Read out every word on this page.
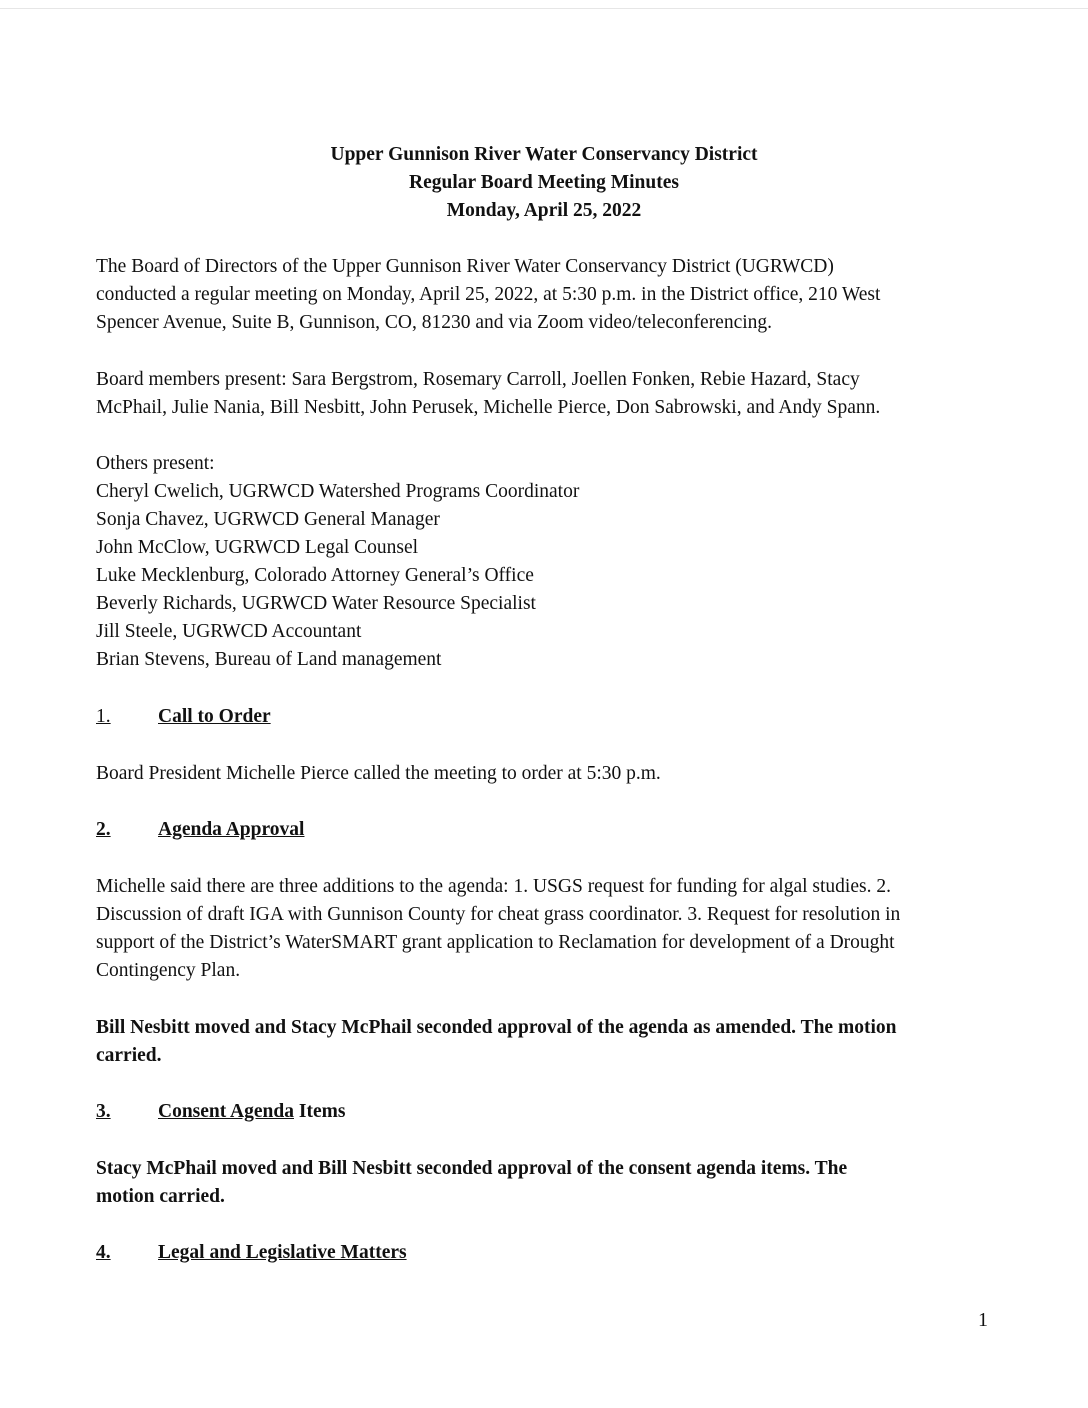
Upper Gunnison River Water Conservancy District
Regular Board Meeting Minutes
Monday, April 25, 2022

The Board of Directors of the Upper Gunnison River Water Conservancy District (UGRWCD)

conducted a regular meeting on Monday, April 25, 2022, at 5:30 p.m. in the District office, 210 West

Spencer Avenue, Suite B, Gunnison, CO, 81230 and via Zoom video/teleconferencing.

Board members present: Sara Bergstrom, Rosemary Carroll, Joellen Fonken, Rebie Hazard, Stacy

McPhail, Julie Nania, Bill Nesbitt, John Perusek, Michelle Pierce, Don Sabrowski, and Andy Spann.

Others present:

Cheryl Cwelich, UGRWCD Watershed Programs Coordinator

Sonja Chavez, UGRWCD General Manager

John McClow, UGRWCD Legal Counsel

Luke Mecklenburg, Colorado Attorney General’s Office

Beverly Richards, UGRWCD Water Resource Specialist

Jill Steele, UGRWCD Accountant

Brian Stevens, Bureau of Land management

1. Call to Order

Board President Michelle Pierce called the meeting to order at 5:30 p.m.

2. Agenda Approval

Michelle said there are three additions to the agenda: 1. USGS request for funding for algal studies. 2.

Discussion of draft IGA with Gunnison County for cheat grass coordinator. 3. Request for resolution in

support of the District’s WaterSMART grant application to Reclamation for development of a Drought

Contingency Plan.

Bill Nesbitt moved and Stacy McPhail seconded approval of the agenda as amended. The motion

carried.

3. Consent Agenda Items

Stacy McPhail moved and Bill Nesbitt seconded approval of the consent agenda items. The

motion carried.

4. Legal and Legislative Matters
1
